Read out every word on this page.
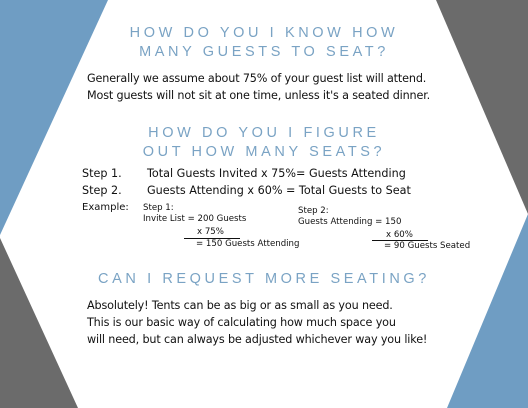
HOW DO YOU I KNOW HOW
MANY GUESTS TO SEAT?
Generally we assume about 75% of your guest list will attend.
Most guests will not sit at one time, unless it's a seated dinner.
HOW DO YOU I FIGURE
OUT HOW MANY SEATS?
Step 1. Total Guests Invited x 75%= Guests Attending
Step 2. Guests Attending x 60% = Total Guests to Seat
Example: Step 1:
Invite List = 200 Guests
x 75%
= 150 Guests Attending
Step 2:
Guests Attending = 150
x 60%
= 90 Guests Seated
CAN I REQUEST MORE SEATING?
Absolutely! Tents can be as big or as small as you need.
This is our basic way of calculating how much space you
will need, but can always be adjusted whichever way you like!
